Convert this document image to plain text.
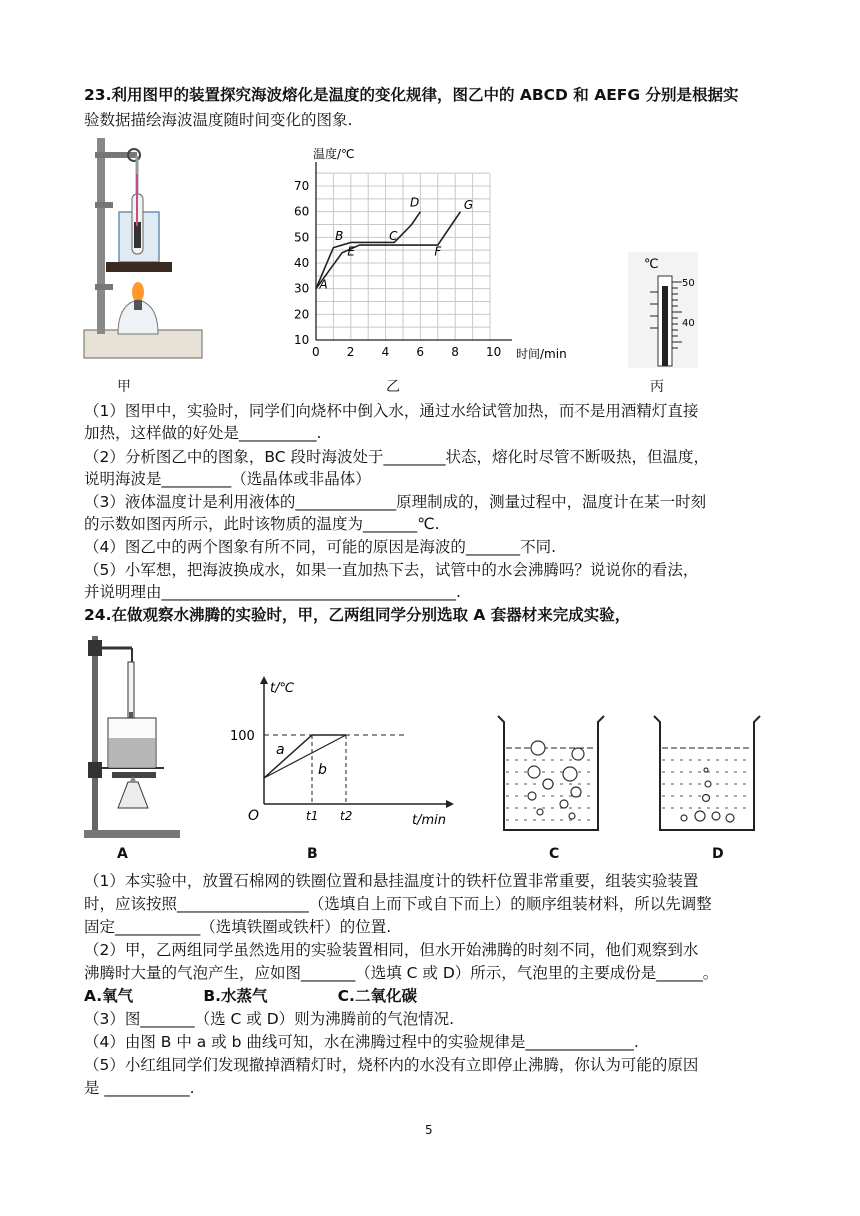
23.利用图甲的装置探究海波熔化是温度的变化规律，图乙中的 ABCD 和 AEFG 分别是根据实
验数据描绘海波温度随时间变化的图象.
0 2 4 6 8 10
10
20
30
40
50
60
70
A
B
E
C
D
F
G
温度/℃
时间/min
℃
50
40
甲	乙	丙
（1）图甲中，实验时，同学们向烧杯中倒入水，通过水给试管加热，而不是用酒精灯直接
加热，这样做的好处是__________.
（2）分析图乙中的图象，BC 段时海波处于________状态，熔化时尽管不断吸热，但温度，
说明海波是_________（选晶体或非晶体）
（3）液体温度计是利用液体的_____________原理制成的，测量过程中，温度计在某一时刻
的示数如图丙所示，此时该物质的温度为_______℃.
（4）图乙中的两个图象有所不同，可能的原因是海波的_______不同.
（5）小军想，把海波换成水，如果一直加热下去，试管中的水会沸腾吗？说说你的看法，
并说明理由______________________________________.
24.在做观察水沸腾的实验时，甲，乙两组同学分别选取 A 套器材来完成实验，
t/℃
t/min
O
100
a
b
t1 t2
A	B	C	D
（1）本实验中，放置石棉网的铁圈位置和悬挂温度计的铁杆位置非常重要，组装实验装置
时，应该按照_________________（选填自上而下或自下而上）的顺序组装材料，所以先调整
固定___________（选填铁圈或铁杆）的位置.
（2）甲，乙两组同学虽然选用的实验装置相同，但水开始沸腾的时刻不同，他们观察到水
沸腾时大量的气泡产生，应如图_______（选填 C 或 D）所示，气泡里的主要成份是______。
A.氧气             B.水蒸气             C.二氧化碳
（3）图_______（选 C 或 D）则为沸腾前的气泡情况.
（4）由图 B 中 a 或 b 曲线可知，水在沸腾过程中的实验规律是______________.
（5）小红组同学们发现撤掉酒精灯时，烧杯内的水没有立即停止沸腾，你认为可能的原因
是 ___________.
5
